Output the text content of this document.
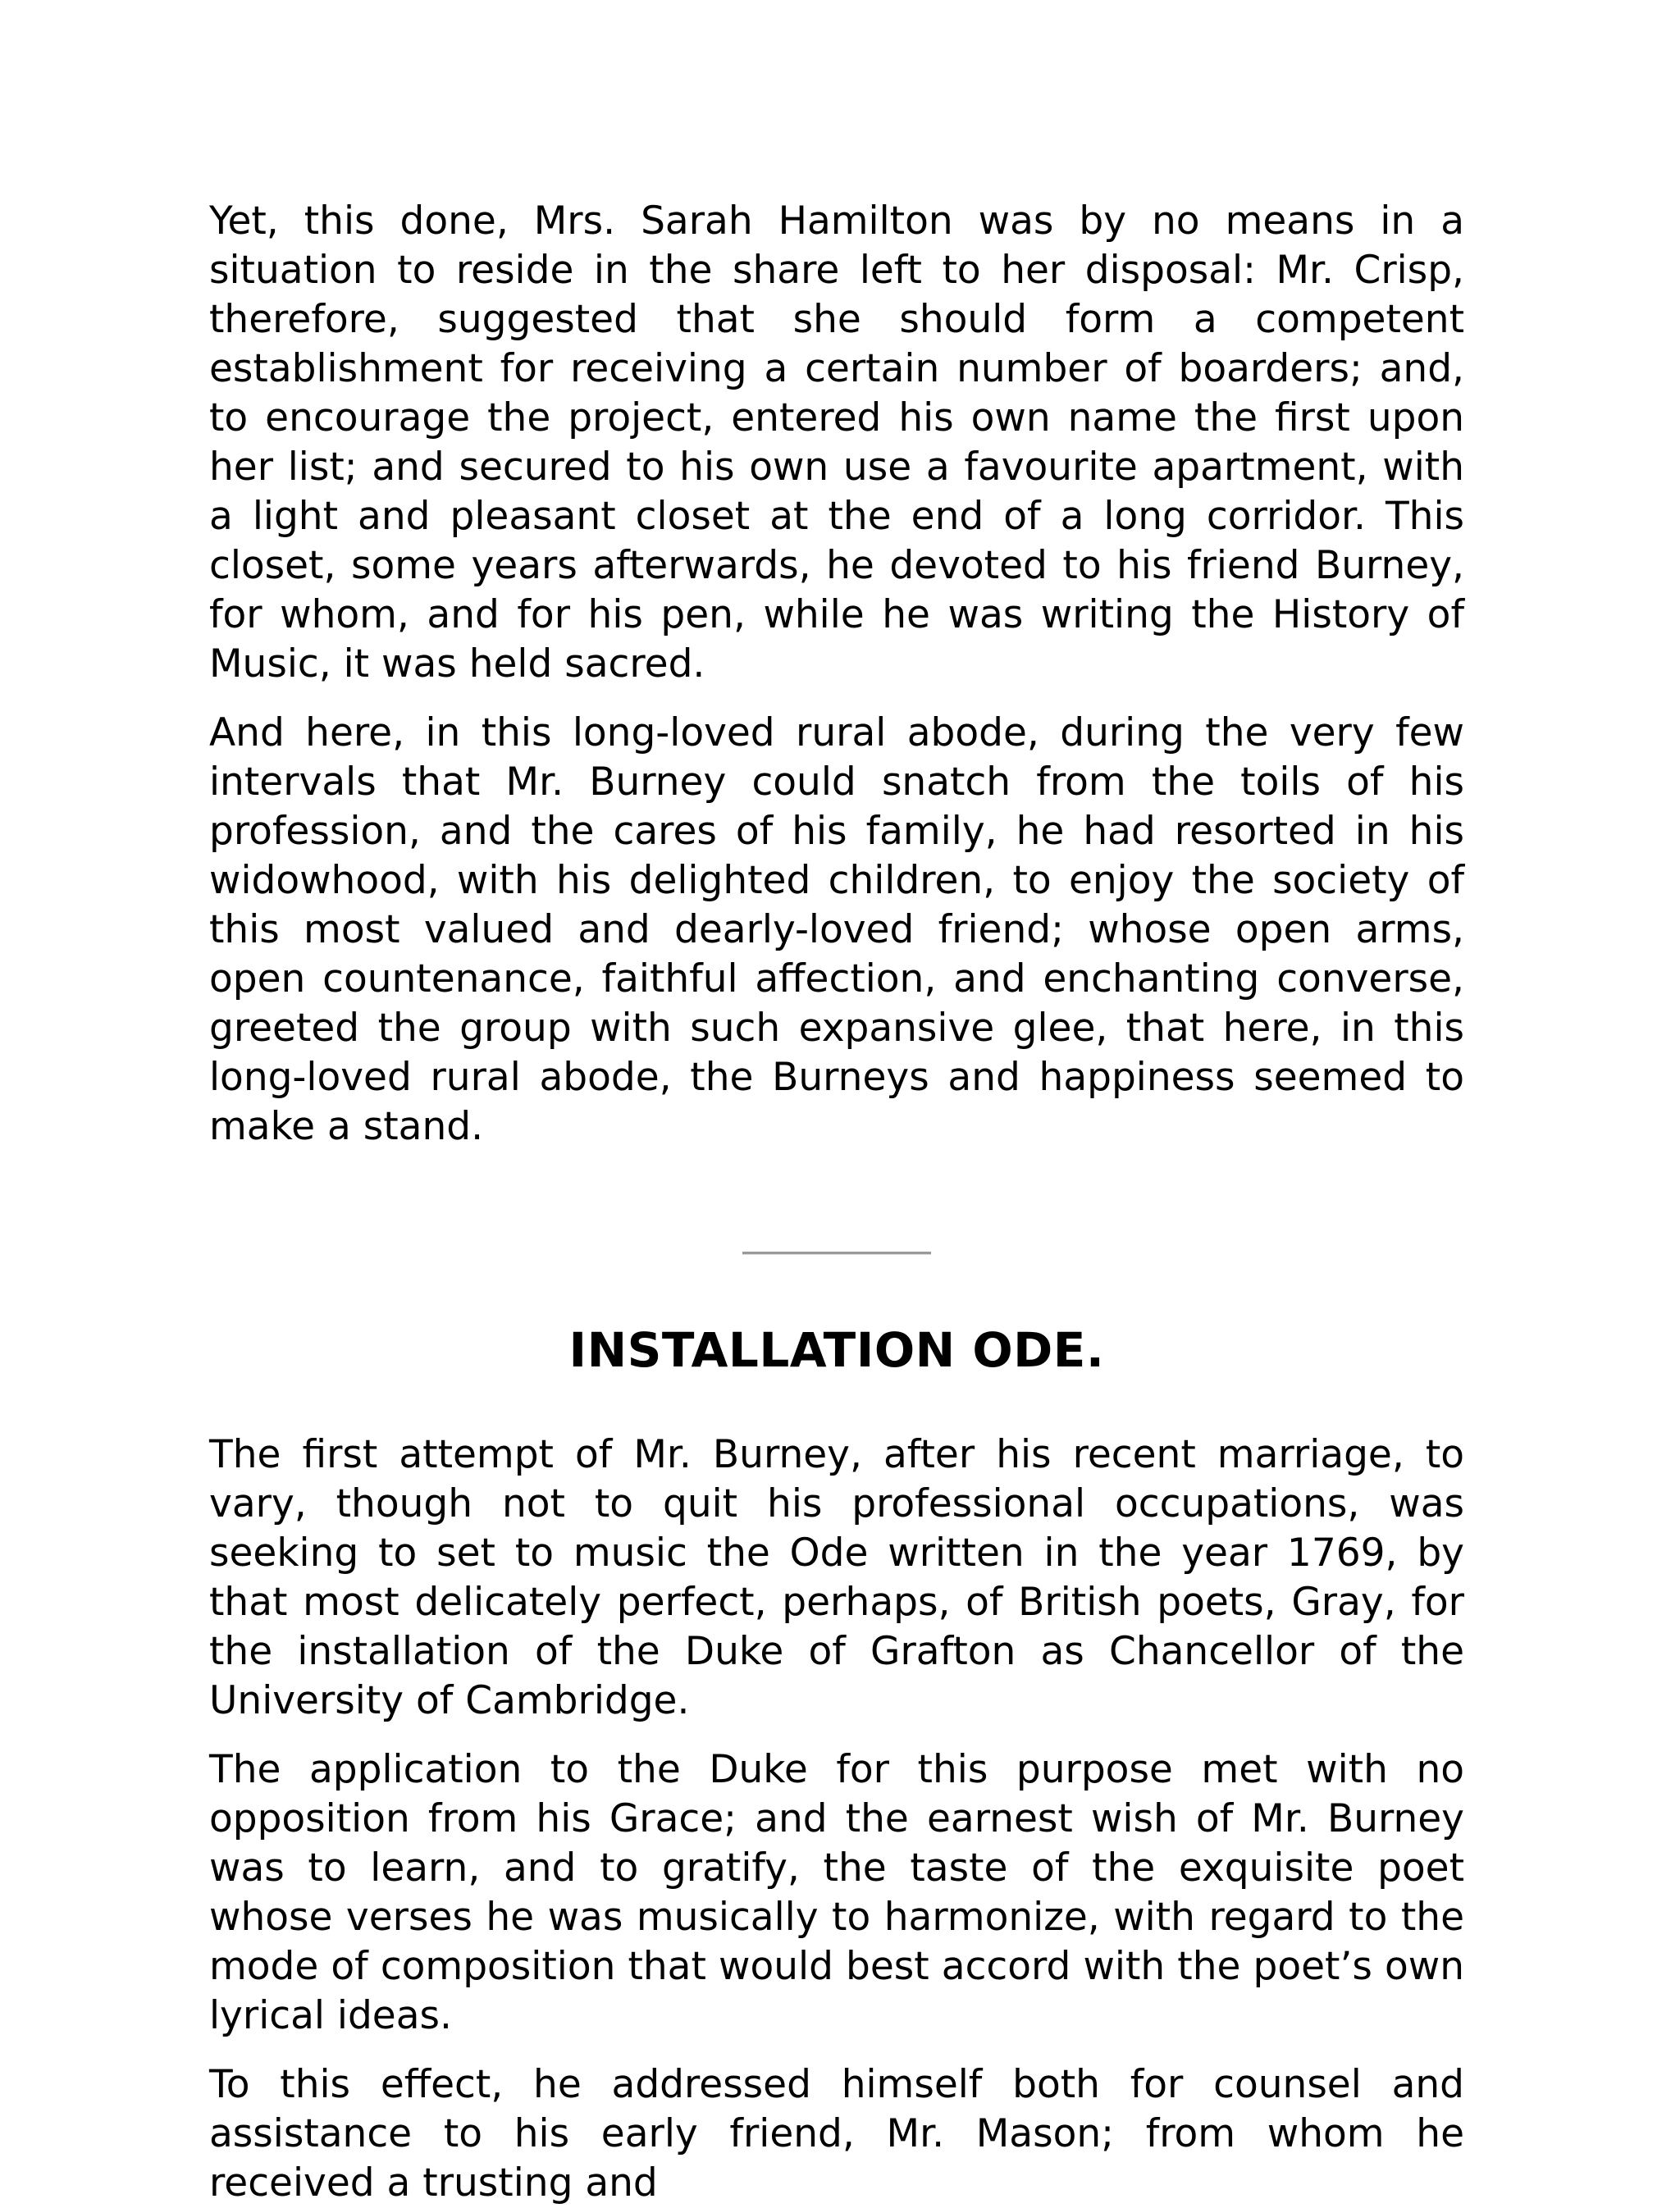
Yet, this done, Mrs. Sarah Hamilton was by no means in a situation to reside in the share left to her disposal: Mr. Crisp, therefore, suggested that she should form a competent establishment for receiving a certain number of boarders; and, to encourage the project, entered his own name the first upon her list; and secured to his own use a favourite apartment, with a light and pleasant closet at the end of a long corridor. This closet, some years afterwards, he devoted to his friend Burney, for whom, and for his pen, while he was writing the History of Music, it was held sacred.

And here, in this long-loved rural abode, during the very few intervals that Mr. Burney could snatch from the toils of his profession, and the cares of his family, he had resorted in his widowhood, with his delighted children, to enjoy the society of this most valued and dearly-loved friend; whose open arms, open countenance, faithful affection, and enchanting converse, greeted the group with such expansive glee, that here, in this long-loved rural abode, the Burneys and happiness seemed to make a stand.

INSTALLATION ODE.

The first attempt of Mr. Burney, after his recent marriage, to vary, though not to quit his professional occupations, was seeking to set to music the Ode written in the year 1769, by that most delicately perfect, perhaps, of British poets, Gray, for the installation of the Duke of Grafton as Chancellor of the University of Cambridge.

The application to the Duke for this purpose met with no opposition from his Grace; and the earnest wish of Mr. Burney was to learn, and to gratify, the taste of the exquisite poet whose verses he was musically to harmonize, with regard to the mode of composition that would best accord with the poet’s own lyrical ideas.

To this effect, he addressed himself both for counsel and assistance to his early friend, Mr. Mason; from whom he received a trusting and
